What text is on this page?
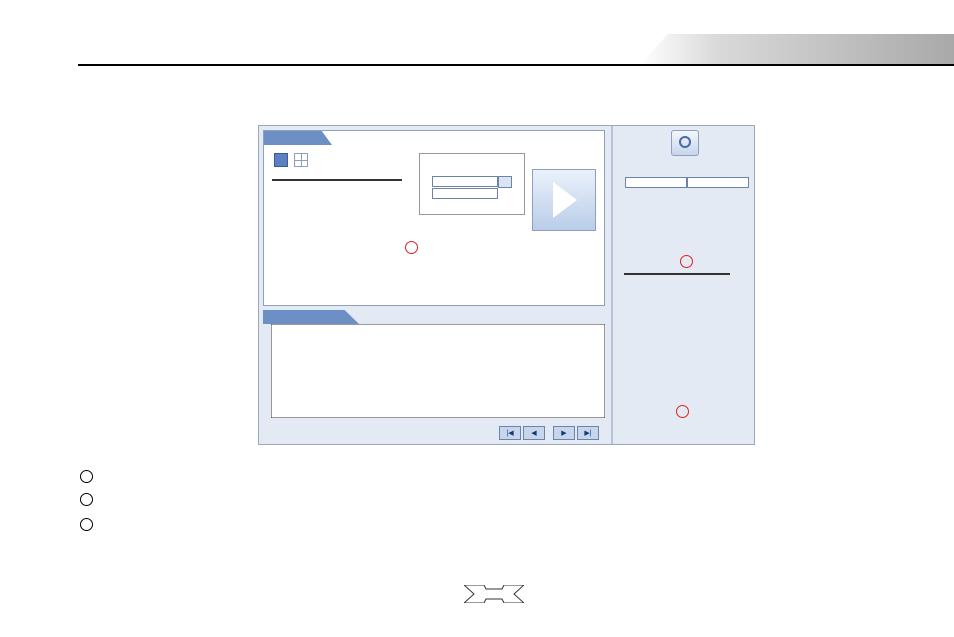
|◀	◀	▶	▶|
